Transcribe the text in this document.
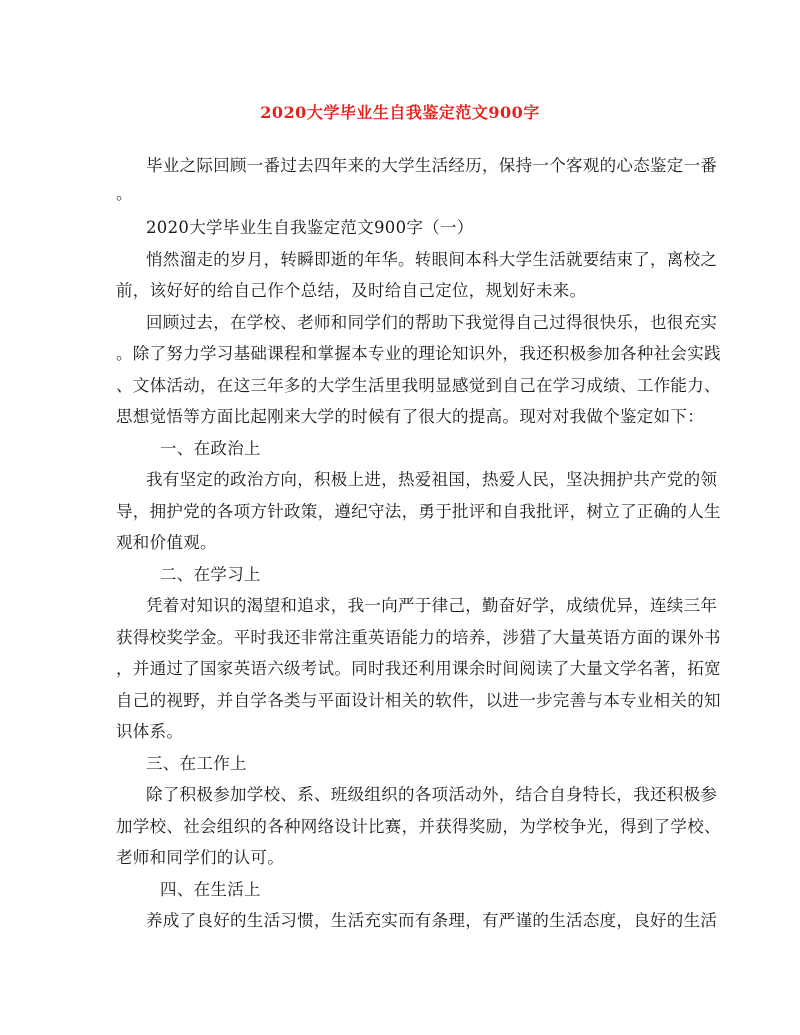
2020大学毕业生自我鉴定范文900字
毕业之际回顾一番过去四年来的大学生活经历，保持一个客观的心态鉴定一番
。
2020大学毕业生自我鉴定范文900字（一）
悄然溜走的岁月，转瞬即逝的年华。转眼间本科大学生活就要结束了，离校之
前，该好好的给自己作个总结，及时给自己定位，规划好未来。
回顾过去，在学校、老师和同学们的帮助下我觉得自己过得很快乐，也很充实
。除了努力学习基础课程和掌握本专业的理论知识外，我还积极参加各种社会实践
、文体活动，在这三年多的大学生活里我明显感觉到自己在学习成绩、工作能力、
思想觉悟等方面比起刚来大学的时候有了很大的提高。现对对我做个鉴定如下：
一、在政治上
我有坚定的政治方向，积极上进，热爱祖国，热爱人民，坚决拥护共产党的领
导，拥护党的各项方针政策，遵纪守法，勇于批评和自我批评，树立了正确的人生
观和价值观。
二、在学习上
凭着对知识的渴望和追求，我一向严于律己，勤奋好学，成绩优异，连续三年
获得校奖学金。平时我还非常注重英语能力的培养，涉猎了大量英语方面的课外书
，并通过了国家英语六级考试。同时我还利用课余时间阅读了大量文学名著，拓宽
自己的视野，并自学各类与平面设计相关的软件，以进一步完善与本专业相关的知
识体系。
三、在工作上
除了积极参加学校、系、班级组织的各项活动外，结合自身特长，我还积极参
加学校、社会组织的各种网络设计比赛，并获得奖励，为学校争光，得到了学校、
老师和同学们的认可。
四、在生活上
养成了良好的生活习惯，生活充实而有条理，有严谨的生活态度，良好的生活
